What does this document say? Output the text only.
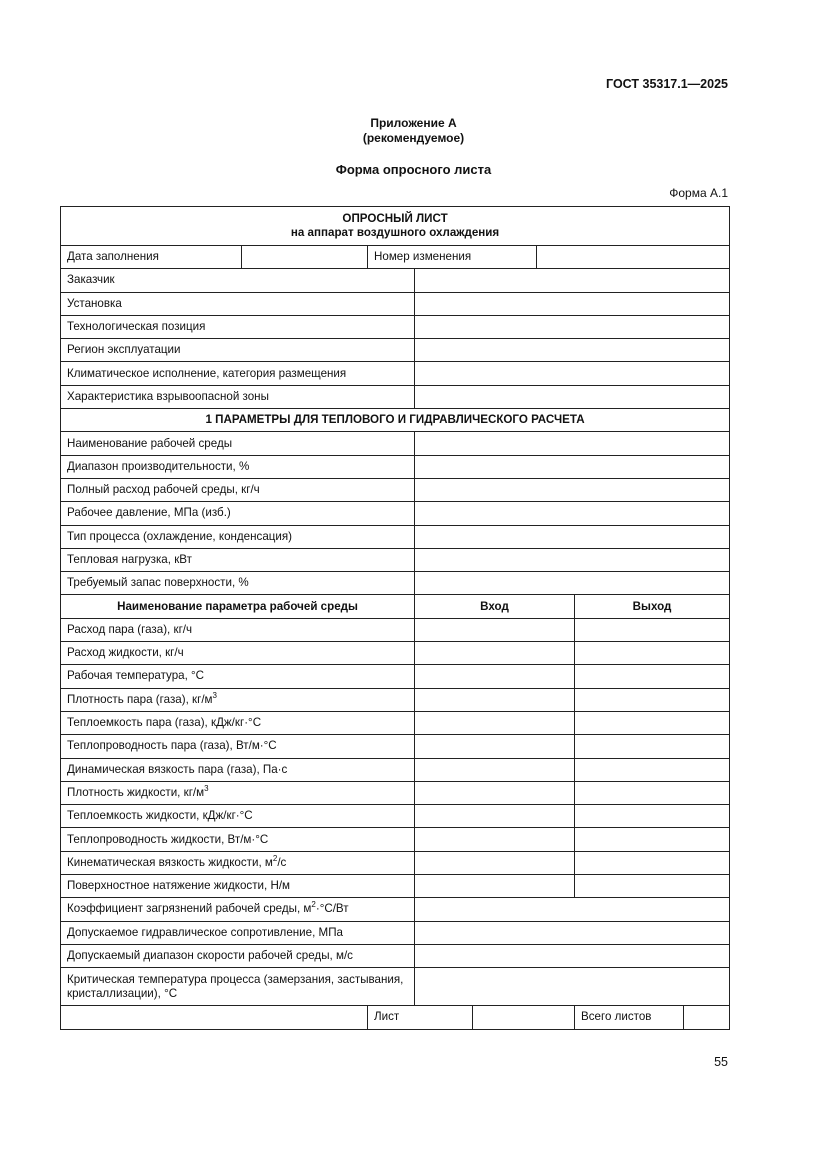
ГОСТ 35317.1—2025
Приложение А
(рекомендуемое)
Форма опросного листа
Форма А.1
ОПРОСНЫЙ ЛИСТ
на аппарат воздушного охлаждения							

Дата заполнения		Номер изменения					
Заказчик							
Установка							
Технологическая позиция							
Регион эксплуатации							
Климатическое исполнение, категория размещения							
Характеристика взрывоопасной зоны							
1 ПАРАМЕТРЫ ДЛЯ ТЕПЛОВОГО И ГИДРАВЛИЧЕСКОГО РАСЧЕТА							
Наименование рабочей среды							
Диапазон производительности, %							
Полный расход рабочей среды, кг/ч							
Рабочее давление, МПа (изб.)							
Тип процесса (охлаждение, конденсация)							
Тепловая нагрузка, кВт							
Требуемый запас поверхности, %							
Наименование параметра рабочей среды			Вход			Выход	
Расход пара (газа), кг/ч							
Расход жидкости, кг/ч							
Рабочая температура, °С							
Плотность пара (газа), $кг/м^3$		
Теплоемкость пара (газа), кДж/кг·°С							
Теплопроводность пара (газа), Вт/м·°С							
Динамическая вязкость пара (газа), Па·с							
Плотность жидкости, $кг/м^3$		
Теплоемкость жидкости, кДж/кг·°С							
Теплопроводность жидкости, Вт/м·°С							
Кинематическая вязкость жидкости, $м^2/с$							
Поверхностное натяжение жидкости, Н/м							
Коэффициент загрязнений рабочей среды, $м^2\cdot^\circ С/Вт$							
Допускаемое гидравлическое сопротивление, МПа							
Допускаемый диапазон скорости рабочей среды, м/с							
Критическая температура процесса (замерзания, застывания, кристаллизации), °С							
		Лист				Всего листов	
55
